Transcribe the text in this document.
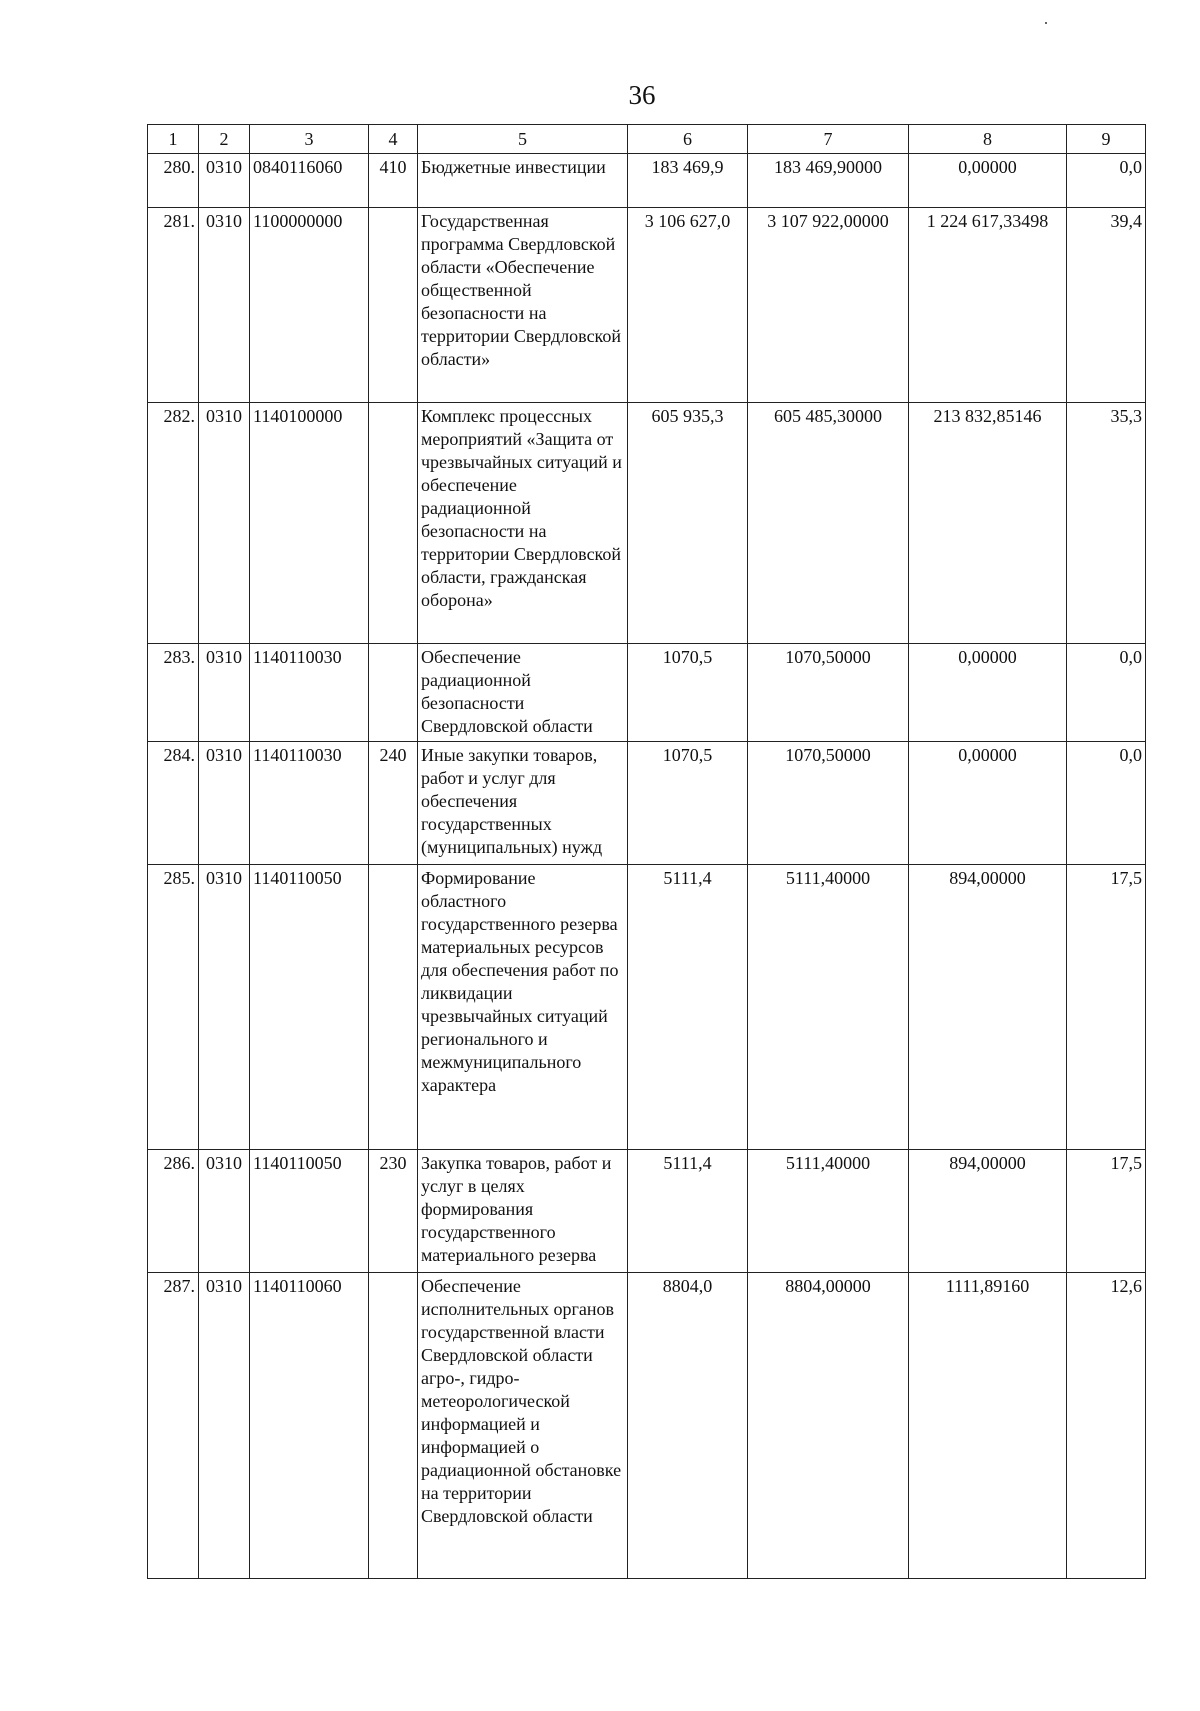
36
1	2	3	4	5	6	7	8	9
280.	0310	0840116060	410	Бюджетные инвестиции	183 469,9	183 469,90000	0,00000	0,0
281.	0310	1100000000		Государственная программа Свердловской области «Обеспечение общественной безопасности на территории Свердловской области»	3 106 627,0	3 107 922,00000	1 224 617,33498	39,4
282.	0310	1140100000		Комплекс процессных мероприятий «Защита от чрезвычайных ситуаций и обеспечение радиационной безопасности на территории Свердловской области, гражданская оборона»	605 935,3	605 485,30000	213 832,85146	35,3
283.	0310	1140110030		Обеспечение радиационной безопасности Свердловской области	1070,5	1070,50000	0,00000	0,0
284.	0310	1140110030	240	Иные закупки товаров, работ и услуг для обеспечения государственных (муниципальных) нужд	1070,5	1070,50000	0,00000	0,0
285.	0310	1140110050		Формирование областного государственного резерва материальных ресурсов для обеспечения работ по ликвидации чрезвычайных ситуаций регионального и межмуниципального характера	5111,4	5111,40000	894,00000	17,5
286.	0310	1140110050	230	Закупка товаров, работ и услуг в целях формирования государственного материального резерва	5111,4	5111,40000	894,00000	17,5
287.	0310	1140110060		Обеспечение исполнительных органов государственной власти Свердловской области агро-, гидро-метеорологической информацией и информацией о радиационной обстановке на территории Свердловской области	8804,0	8804,00000	1111,89160	12,6
